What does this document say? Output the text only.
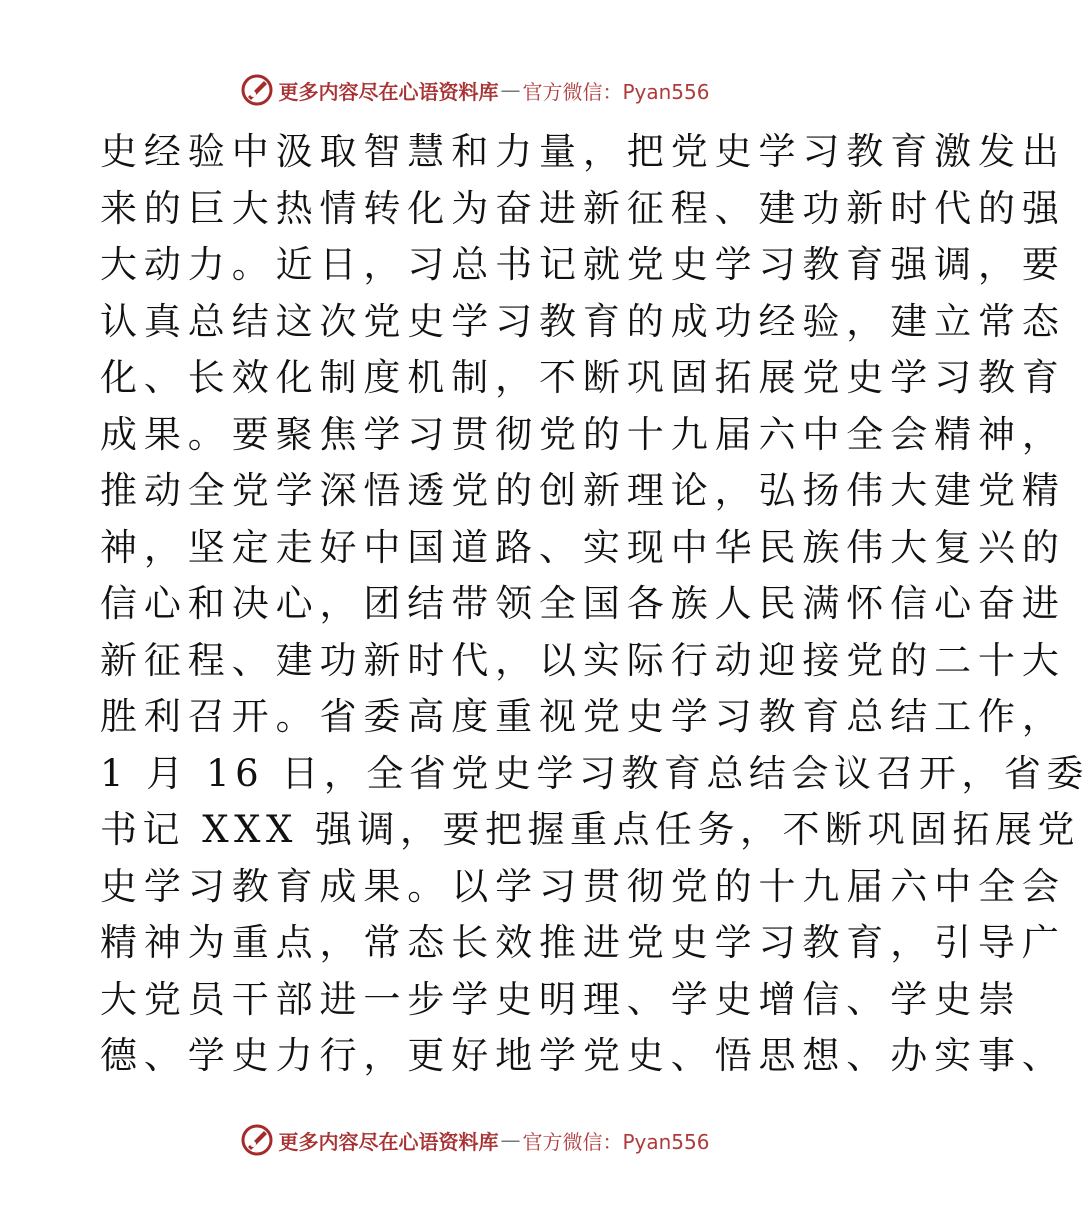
更多内容尽在心语资料库 — 官方微信：Pyan556
史经验中汲取智慧和力量，把党史学习教育激发出
来的巨大热情转化为奋进新征程、建功新时代的强
大动力。近日，习总书记就党史学习教育强调，要
认真总结这次党史学习教育的成功经验，建立常态
化、长效化制度机制，不断巩固拓展党史学习教育
成果。要聚焦学习贯彻党的十九届六中全会精神，
推动全党学深悟透党的创新理论，弘扬伟大建党精
神，坚定走好中国道路、实现中华民族伟大复兴的
信心和决心，团结带领全国各族人民满怀信心奋进
新征程、建功新时代，以实际行动迎接党的二十大
胜利召开。省委高度重视党史学习教育总结工作，
1 月 16 日，全省党史学习教育总结会议召开，省委
书记 XXX 强调，要把握重点任务，不断巩固拓展党
史学习教育成果。以学习贯彻党的十九届六中全会
精神为重点，常态长效推进党史学习教育，引导广
大党员干部进一步学史明理、学史增信、学史崇
德、学史力行，更好地学党史、悟思想、办实事、
更多内容尽在心语资料库 — 官方微信：Pyan556
